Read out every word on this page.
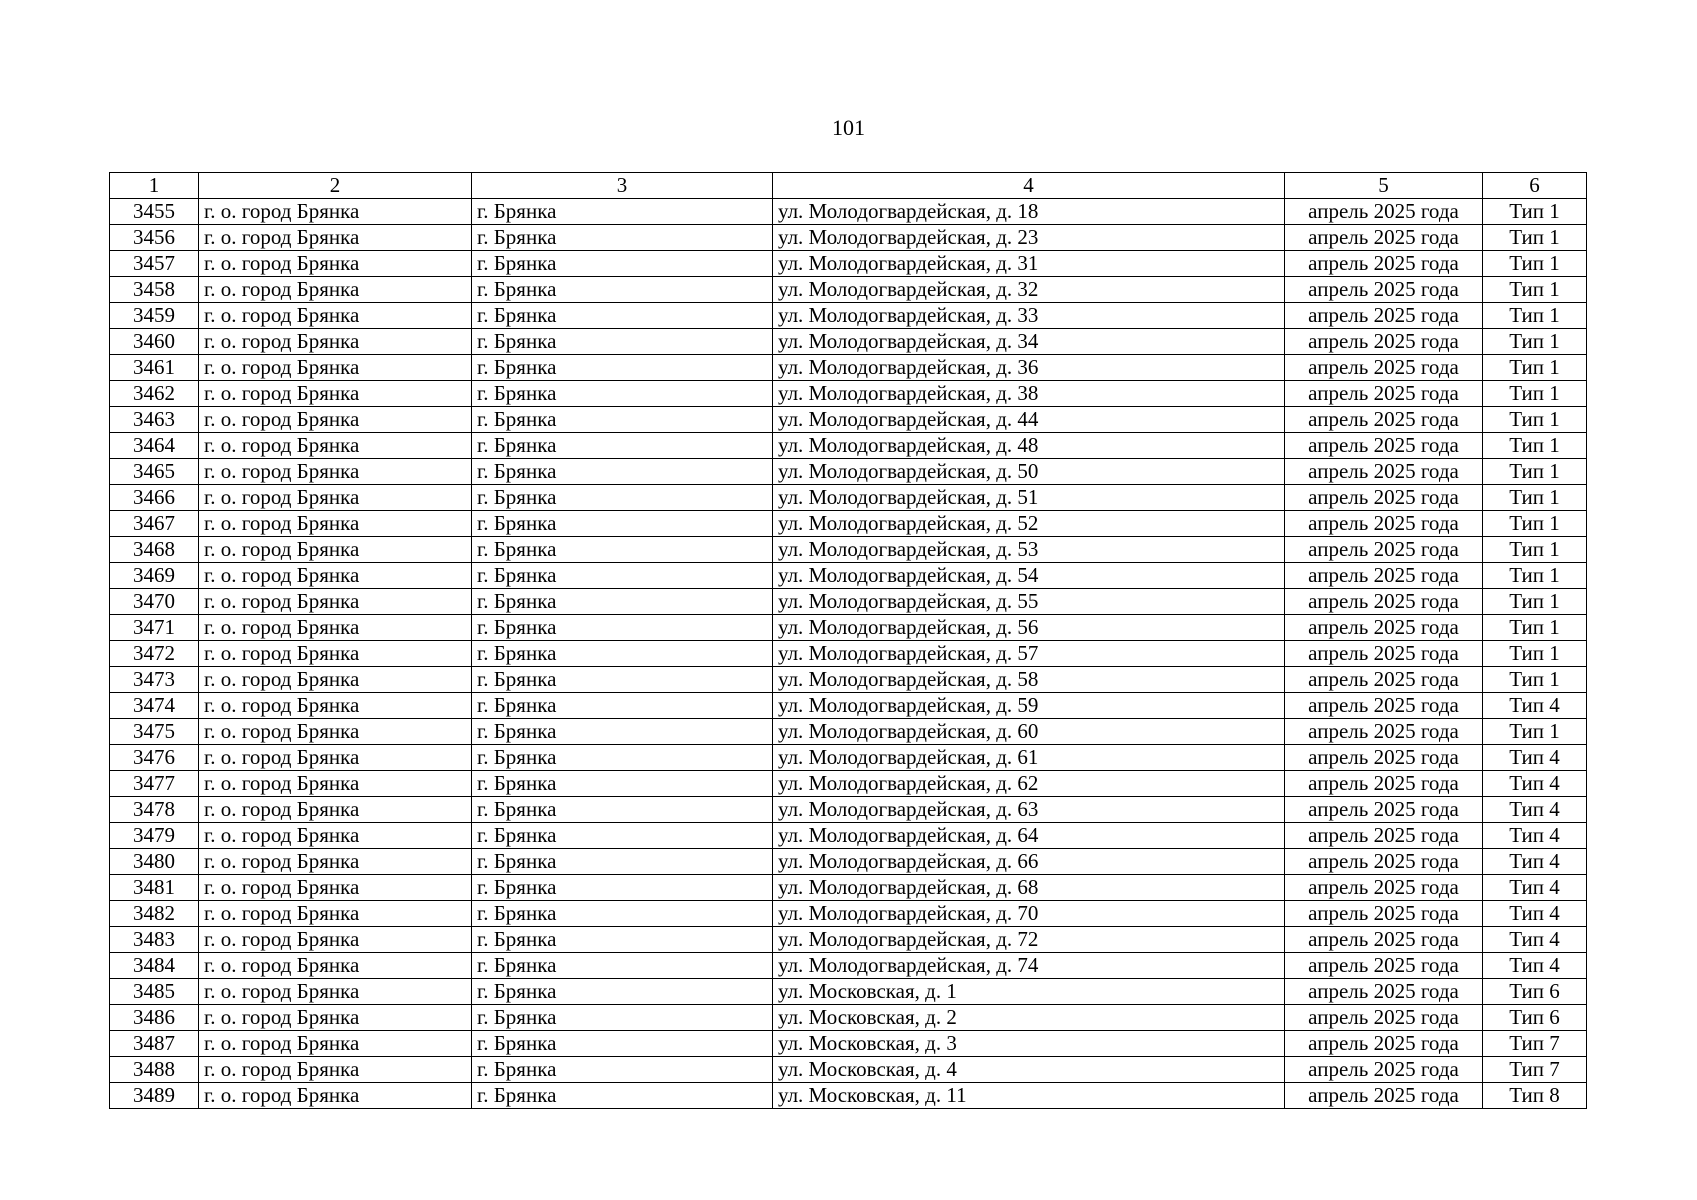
101
1	2	3	4	5	6
3455	г. о. город Брянка	г. Брянка	ул. Молодогвардейская, д. 18	апрель 2025 года	Тип 1
3456	г. о. город Брянка	г. Брянка	ул. Молодогвардейская, д. 23	апрель 2025 года	Тип 1
3457	г. о. город Брянка	г. Брянка	ул. Молодогвардейская, д. 31	апрель 2025 года	Тип 1
3458	г. о. город Брянка	г. Брянка	ул. Молодогвардейская, д. 32	апрель 2025 года	Тип 1
3459	г. о. город Брянка	г. Брянка	ул. Молодогвардейская, д. 33	апрель 2025 года	Тип 1
3460	г. о. город Брянка	г. Брянка	ул. Молодогвардейская, д. 34	апрель 2025 года	Тип 1
3461	г. о. город Брянка	г. Брянка	ул. Молодогвардейская, д. 36	апрель 2025 года	Тип 1
3462	г. о. город Брянка	г. Брянка	ул. Молодогвардейская, д. 38	апрель 2025 года	Тип 1
3463	г. о. город Брянка	г. Брянка	ул. Молодогвардейская, д. 44	апрель 2025 года	Тип 1
3464	г. о. город Брянка	г. Брянка	ул. Молодогвардейская, д. 48	апрель 2025 года	Тип 1
3465	г. о. город Брянка	г. Брянка	ул. Молодогвардейская, д. 50	апрель 2025 года	Тип 1
3466	г. о. город Брянка	г. Брянка	ул. Молодогвардейская, д. 51	апрель 2025 года	Тип 1
3467	г. о. город Брянка	г. Брянка	ул. Молодогвардейская, д. 52	апрель 2025 года	Тип 1
3468	г. о. город Брянка	г. Брянка	ул. Молодогвардейская, д. 53	апрель 2025 года	Тип 1
3469	г. о. город Брянка	г. Брянка	ул. Молодогвардейская, д. 54	апрель 2025 года	Тип 1
3470	г. о. город Брянка	г. Брянка	ул. Молодогвардейская, д. 55	апрель 2025 года	Тип 1
3471	г. о. город Брянка	г. Брянка	ул. Молодогвардейская, д. 56	апрель 2025 года	Тип 1
3472	г. о. город Брянка	г. Брянка	ул. Молодогвардейская, д. 57	апрель 2025 года	Тип 1
3473	г. о. город Брянка	г. Брянка	ул. Молодогвардейская, д. 58	апрель 2025 года	Тип 1
3474	г. о. город Брянка	г. Брянка	ул. Молодогвардейская, д. 59	апрель 2025 года	Тип 4
3475	г. о. город Брянка	г. Брянка	ул. Молодогвардейская, д. 60	апрель 2025 года	Тип 1
3476	г. о. город Брянка	г. Брянка	ул. Молодогвардейская, д. 61	апрель 2025 года	Тип 4
3477	г. о. город Брянка	г. Брянка	ул. Молодогвардейская, д. 62	апрель 2025 года	Тип 4
3478	г. о. город Брянка	г. Брянка	ул. Молодогвардейская, д. 63	апрель 2025 года	Тип 4
3479	г. о. город Брянка	г. Брянка	ул. Молодогвардейская, д. 64	апрель 2025 года	Тип 4
3480	г. о. город Брянка	г. Брянка	ул. Молодогвардейская, д. 66	апрель 2025 года	Тип 4
3481	г. о. город Брянка	г. Брянка	ул. Молодогвардейская, д. 68	апрель 2025 года	Тип 4
3482	г. о. город Брянка	г. Брянка	ул. Молодогвардейская, д. 70	апрель 2025 года	Тип 4
3483	г. о. город Брянка	г. Брянка	ул. Молодогвардейская, д. 72	апрель 2025 года	Тип 4
3484	г. о. город Брянка	г. Брянка	ул. Молодогвардейская, д. 74	апрель 2025 года	Тип 4
3485	г. о. город Брянка	г. Брянка	ул. Московская, д. 1	апрель 2025 года	Тип 6
3486	г. о. город Брянка	г. Брянка	ул. Московская, д. 2	апрель 2025 года	Тип 6
3487	г. о. город Брянка	г. Брянка	ул. Московская, д. 3	апрель 2025 года	Тип 7
3488	г. о. город Брянка	г. Брянка	ул. Московская, д. 4	апрель 2025 года	Тип 7
3489	г. о. город Брянка	г. Брянка	ул. Московская, д. 11	апрель 2025 года	Тип 8
